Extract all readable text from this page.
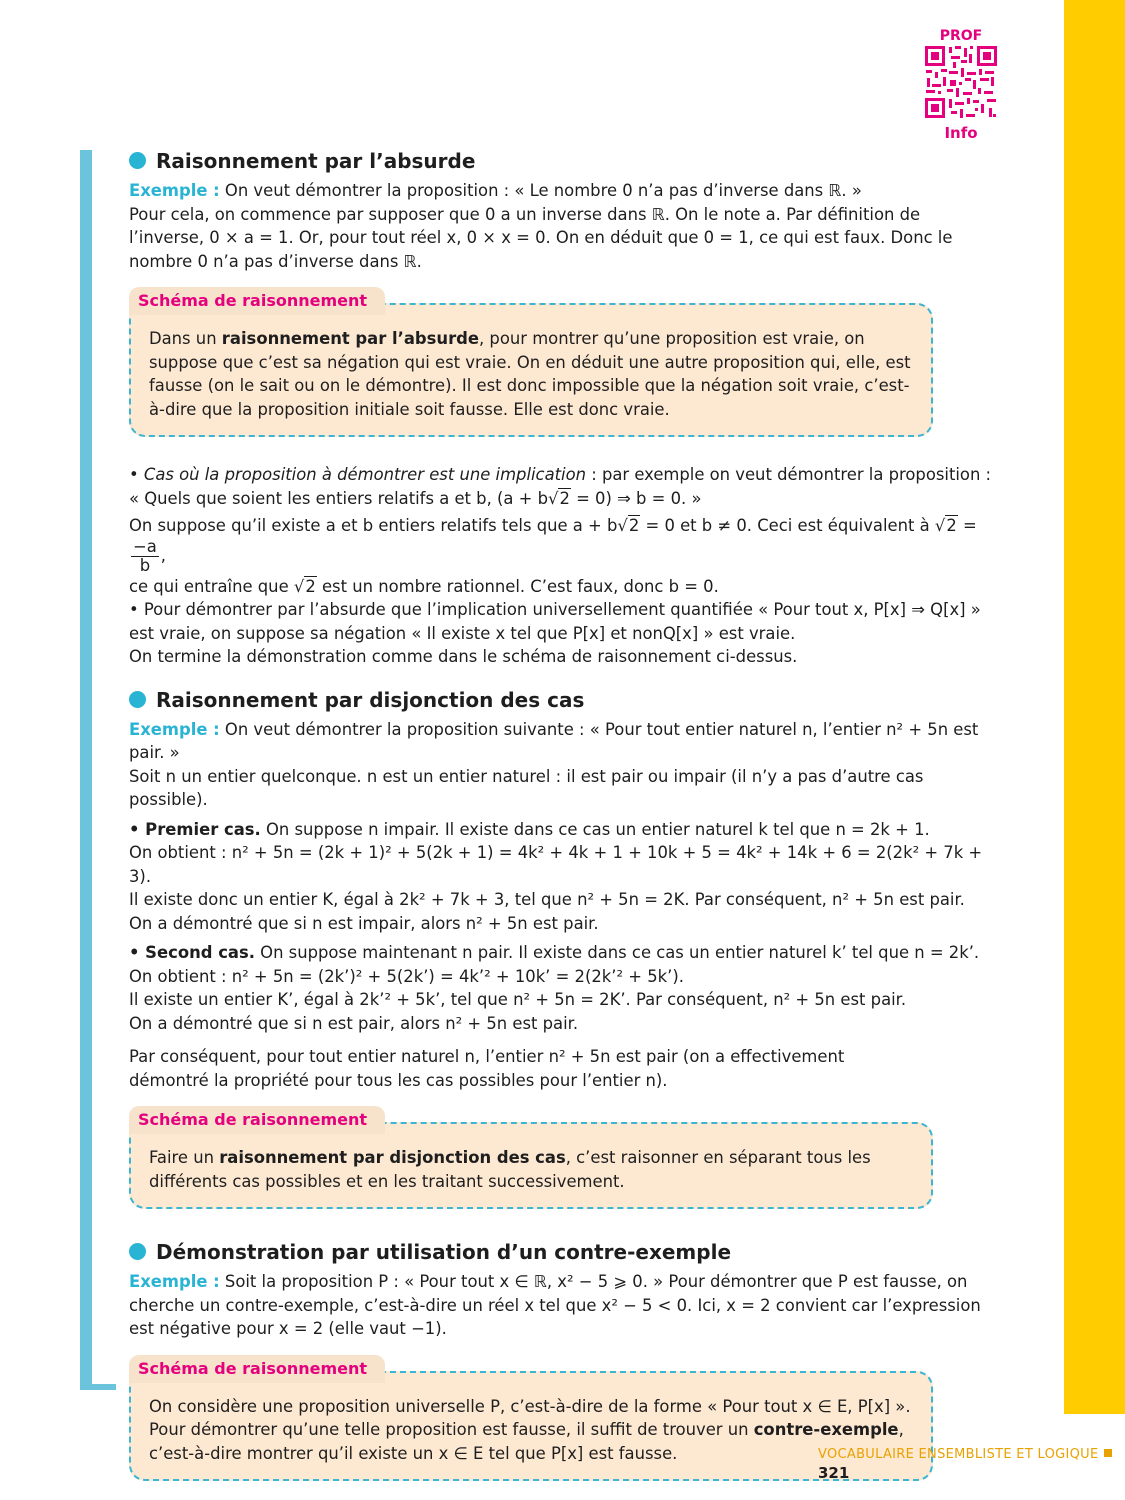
PROF
Info
Raisonnement par l’absurde

Exemple : On veut démontrer la proposition : « Le nombre 0 n’a pas d’inverse dans ℝ. »
Pour cela, on commence par supposer que 0 a un inverse dans ℝ. On le note a. Par définition de l’inverse, 0 × a = 1. Or, pour tout réel x, 0 × x = 0. On en déduit que 0 = 1, ce qui est faux. Donc le nombre 0 n’a pas d’inverse dans ℝ.

Schéma de raisonnement
Dans un raisonnement par l’absurde, pour montrer qu’une proposition est vraie, on suppose que c’est sa négation qui est vraie. On en déduit une autre proposition qui, elle, est fausse (on le sait ou on le démontre). Il est donc impossible que la négation soit vraie, c’est-à-dire que la proposition initiale soit fausse. Elle est donc vraie.

• Cas où la proposition à démontrer est une implication : par exemple on veut démontrer la proposition :
« Quels que soient les entiers relatifs a et b, (a + b√2 = 0) ⇒ b = 0. »

On suppose qu’il existe a et b entiers relatifs tels que a + b√2 = 0 et b ≠ 0. Ceci est équivalent à √2 =
$\frac{-a}{b}$ ,
ce qui entraîne que √2 est un nombre rationnel. C’est faux, donc b = 0.

• Pour démontrer par l’absurde que l’implication universellement quantifiée « Pour tout x, P[x] ⇒ Q[x] » est vraie, on suppose sa négation « Il existe x tel que P[x] et nonQ[x] » est vraie.

On termine la démonstration comme dans le schéma de raisonnement ci-dessus.

Raisonnement par disjonction des cas

Exemple : On veut démontrer la proposition suivante : « Pour tout entier naturel n, l’entier n² + 5n est pair. »
Soit n un entier quelconque. n est un entier naturel : il est pair ou impair (il n’y a pas d’autre cas possible).

• Premier cas. On suppose n impair. Il existe dans ce cas un entier naturel k tel que n = 2k + 1.
On obtient : n² + 5n = (2k + 1)² + 5(2k + 1) = 4k² + 4k + 1 + 10k + 5 = 4k² + 14k + 6 = 2(2k² + 7k + 3).
Il existe donc un entier K, égal à 2k² + 7k + 3, tel que n² + 5n = 2K. Par conséquent, n² + 5n est pair.
On a démontré que si n est impair, alors n² + 5n est pair.

• Second cas. On suppose maintenant n pair. Il existe dans ce cas un entier naturel k’ tel que n = 2k’.
On obtient : n² + 5n = (2k’)² + 5(2k’) = 4k’² + 10k’ = 2(2k’² + 5k’).
Il existe un entier K’, égal à 2k’² + 5k’, tel que n² + 5n = 2K’. Par conséquent, n² + 5n est pair.
On a démontré que si n est pair, alors n² + 5n est pair.

Par conséquent, pour tout entier naturel n, l’entier n² + 5n est pair (on a effectivement démontré la propriété pour tous les cas possibles pour l’entier n).

Schéma de raisonnement
Faire un raisonnement par disjonction des cas, c’est raisonner en séparant tous les différents cas possibles et en les traitant successivement.
Démonstration par utilisation d’un contre-exemple

Exemple : Soit la proposition P : « Pour tout x ∈ ℝ, x² − 5 ⩾ 0. » Pour démontrer que P est fausse, on cherche un contre-exemple, c’est-à-dire un réel x tel que x² − 5 < 0. Ici, x = 2 convient car l’expression est négative pour x = 2 (elle vaut −1).

Schéma de raisonnement
On considère une proposition universelle P, c’est-à-dire de la forme « Pour tout x ∈ E, P[x] ».
Pour démontrer qu’une telle proposition est fausse, il suffit de trouver un contre-exemple,
c’est-à-dire montrer qu’il existe un x ∈ E tel que P[x] est fausse.	VOCABULAIRE ENSEMBLISTE ET LOGIQUE321
